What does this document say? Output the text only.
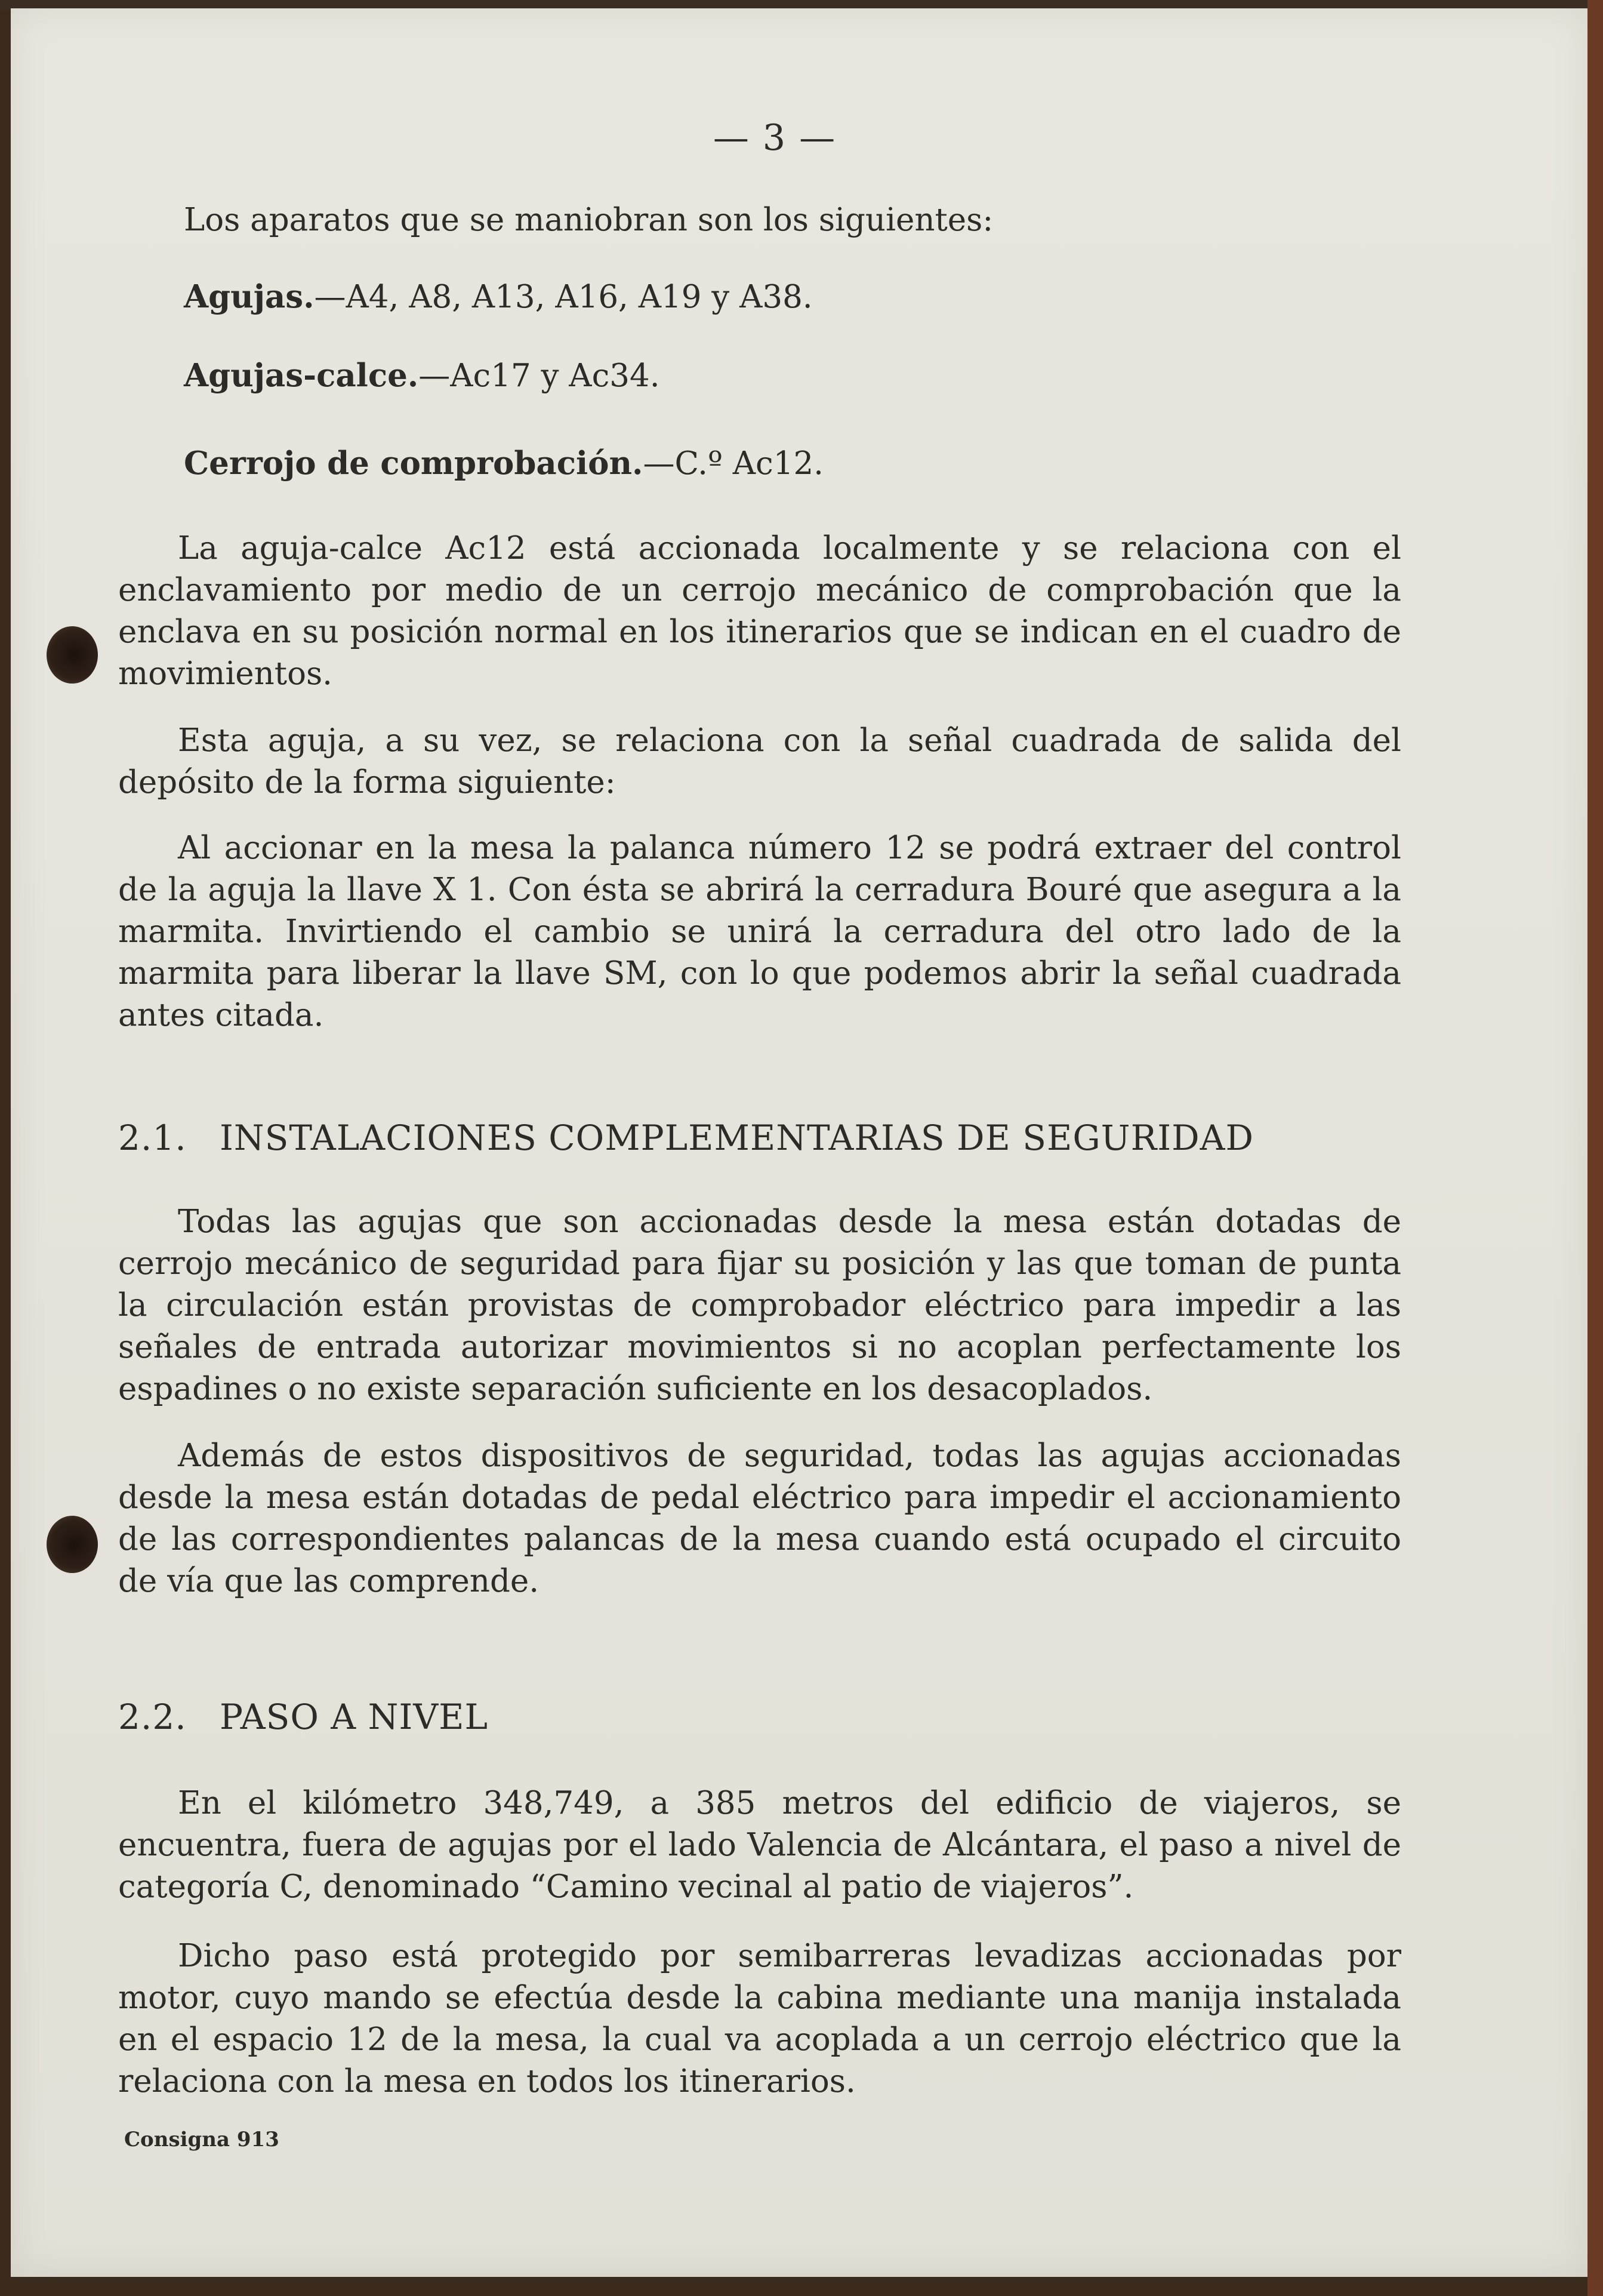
— 3 —
Los aparatos que se maniobran son los siguientes:
Agujas.—A4, A8, A13, A16, A19 y A38.
Agujas-calce.—Ac17 y Ac34.
Cerrojo de comprobación.—C.º Ac12.

La aguja-calce Ac12 está accionada localmente y se relaciona con el enclavamiento por medio de un cerrojo mecánico de comprobación que la enclava en su posición normal en los itinerarios que se indican en el cuadro de movimientos.

Esta aguja, a su vez, se relaciona con la señal cuadrada de salida del depósito de la forma siguiente:

Al accionar en la mesa la palanca número 12 se podrá extraer del control de la aguja la llave X 1. Con ésta se abrirá la cerradura Bouré que asegura a la marmita. Invirtiendo el cambio se unirá la cerradura del otro lado de la marmita para liberar la llave SM, con lo que podemos abrir la señal cuadrada antes citada.

2.1. INSTALACIONES COMPLEMENTARIAS DE SEGURIDAD

Todas las agujas que son accionadas desde la mesa están dotadas de cerrojo mecánico de seguridad para fijar su posición y las que toman de punta la circulación están provistas de comprobador eléctrico para impedir a las señales de entrada autorizar movimientos si no acoplan perfectamente los espadines o no existe separación suficiente en los desacoplados.

Además de estos dispositivos de seguridad, todas las agujas accionadas desde la mesa están dotadas de pedal eléctrico para impedir el accionamiento de las correspondientes palancas de la mesa cuando está ocupado el circuito de vía que las comprende.

2.2. PASO A NIVEL

En el kilómetro 348,749, a 385 metros del edificio de viajeros, se encuentra, fuera de agujas por el lado Valencia de Alcántara, el paso a nivel de categoría C, denominado “Camino vecinal al patio de viajeros”.

Dicho paso está protegido por semibarreras levadizas accionadas por motor, cuyo mando se efectúa desde la cabina mediante una manija instalada en el espacio 12 de la mesa, la cual va acoplada a un cerrojo eléctrico que la relaciona con la mesa en todos los itinerarios.

Consigna 913
